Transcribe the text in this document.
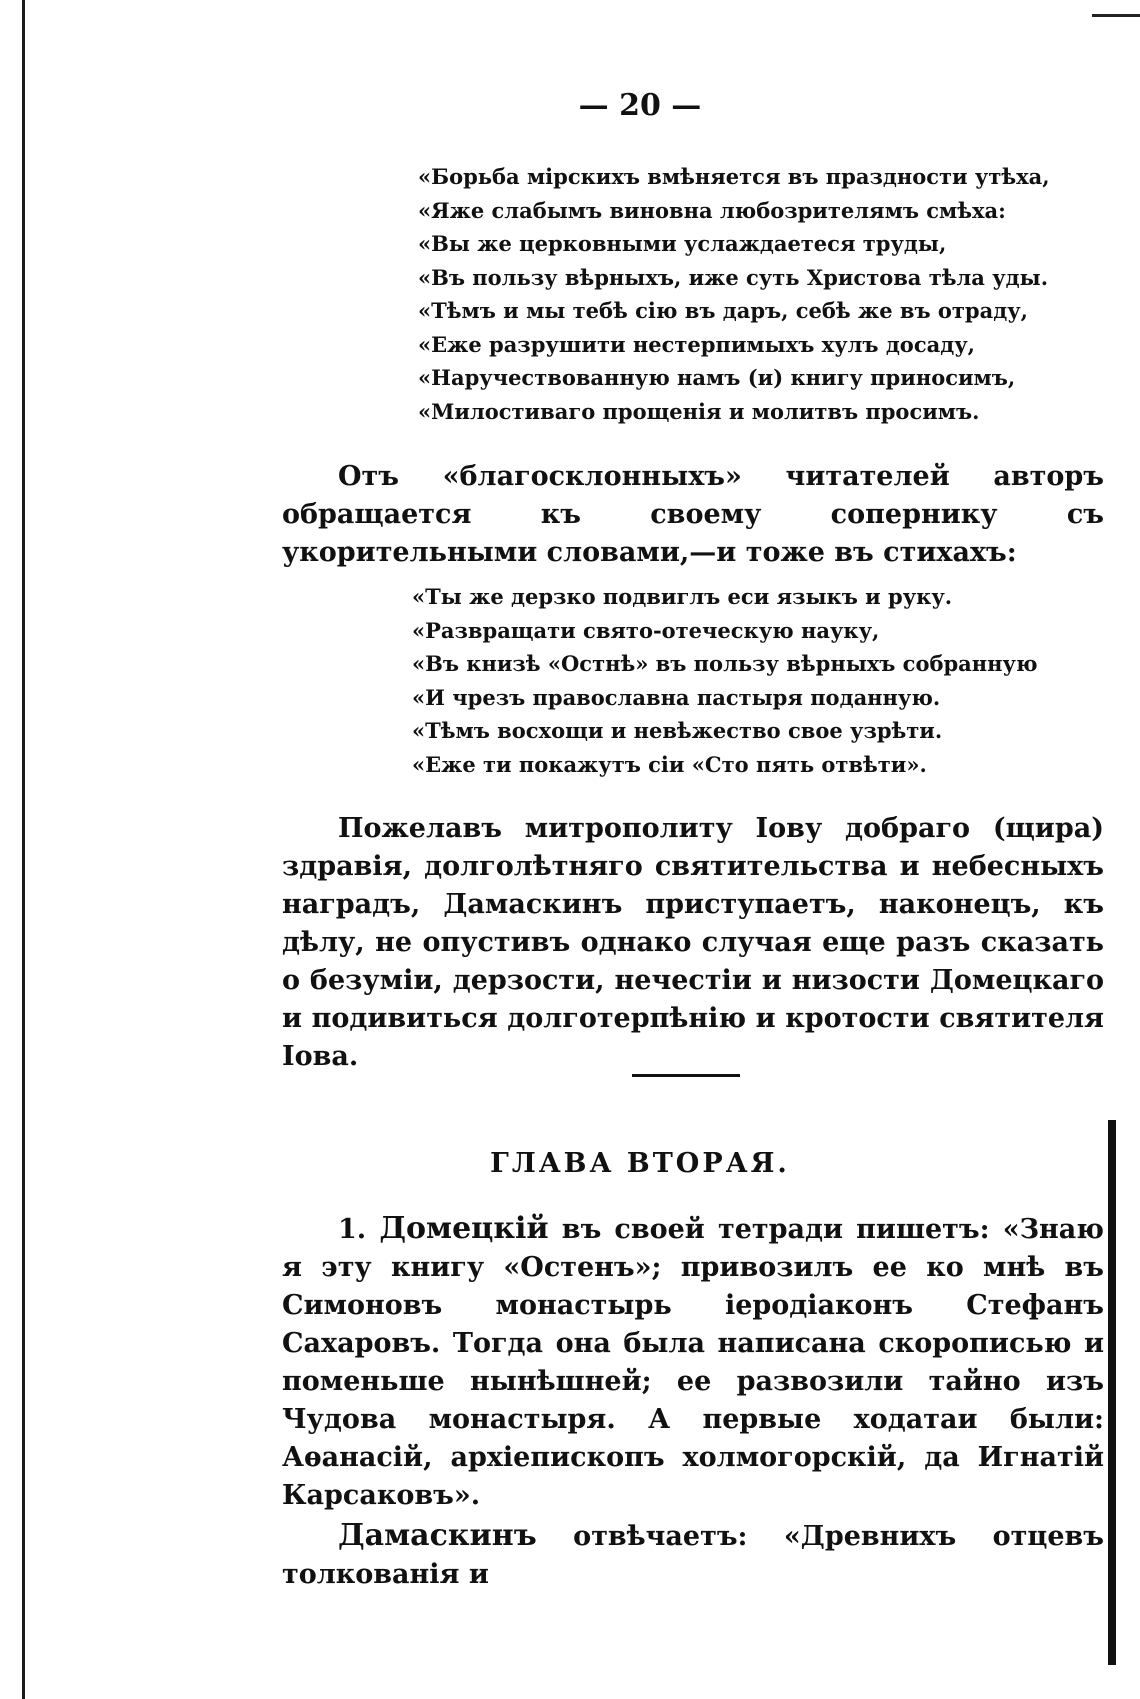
— 20 —
«Борьба мірскихъ вмѣняется въ праздности утѣха,
«Яже слабымъ виновна любозрителямъ смѣха:
«Вы же церковными услаждаетеся труды,
«Въ пользу вѣрныхъ, иже суть Христова тѣла уды.
«Тѣмъ и мы тебѣ сію въ даръ, себѣ же въ отраду,
«Еже разрушити нестерпимыхъ хулъ досаду,
«Наручествованную намъ (и) книгу приносимъ,
«Милостиваго прощенія и молитвъ просимъ.

Отъ «благосклонныхъ» читателей авторъ обращается къ своему сопернику съ укорительными словами,—и тоже въ стихахъ:

«Ты же дерзко подвиглъ еси языкъ и руку.
«Развращати свято-отеческую науку,
«Въ книзѣ «Остнѣ» въ пользу вѣрныхъ собранную
«И чрезъ православна пастыря поданную.
«Тѣмъ восхощи и невѣжество свое узрѣти.
«Еже ти покажутъ сіи «Сто пять отвѣти».

Пожелавъ митрополиту Іову добраго (щира) здравія, долголѣтняго святительства и небесныхъ наградъ, Дамаскинъ приступаетъ, наконецъ, къ дѣлу, не опустивъ однако случая еще разъ сказать о безуміи, дерзости, нечестіи и низости Домецкаго и подивиться долготерпѣнію и кротости святителя Іова.

ГЛАВА ВТОРАЯ.

1. Домецкій въ своей тетради пишетъ: «Знаю я эту книгу «Остенъ»; привозилъ ее ко мнѣ въ Симоновъ монастырь іеродіаконъ Стефанъ Сахаровъ. Тогда она была написана скорописью и поменьше нынѣшней; ее развозили тайно изъ Чудова монастыря. А первые ходатаи были: Аѳанасій, архіепископъ холмогорскій, да Игнатій Карсаковъ».

Дамаскинъ отвѣчаетъ: «Древнихъ отцевъ толкованія и
